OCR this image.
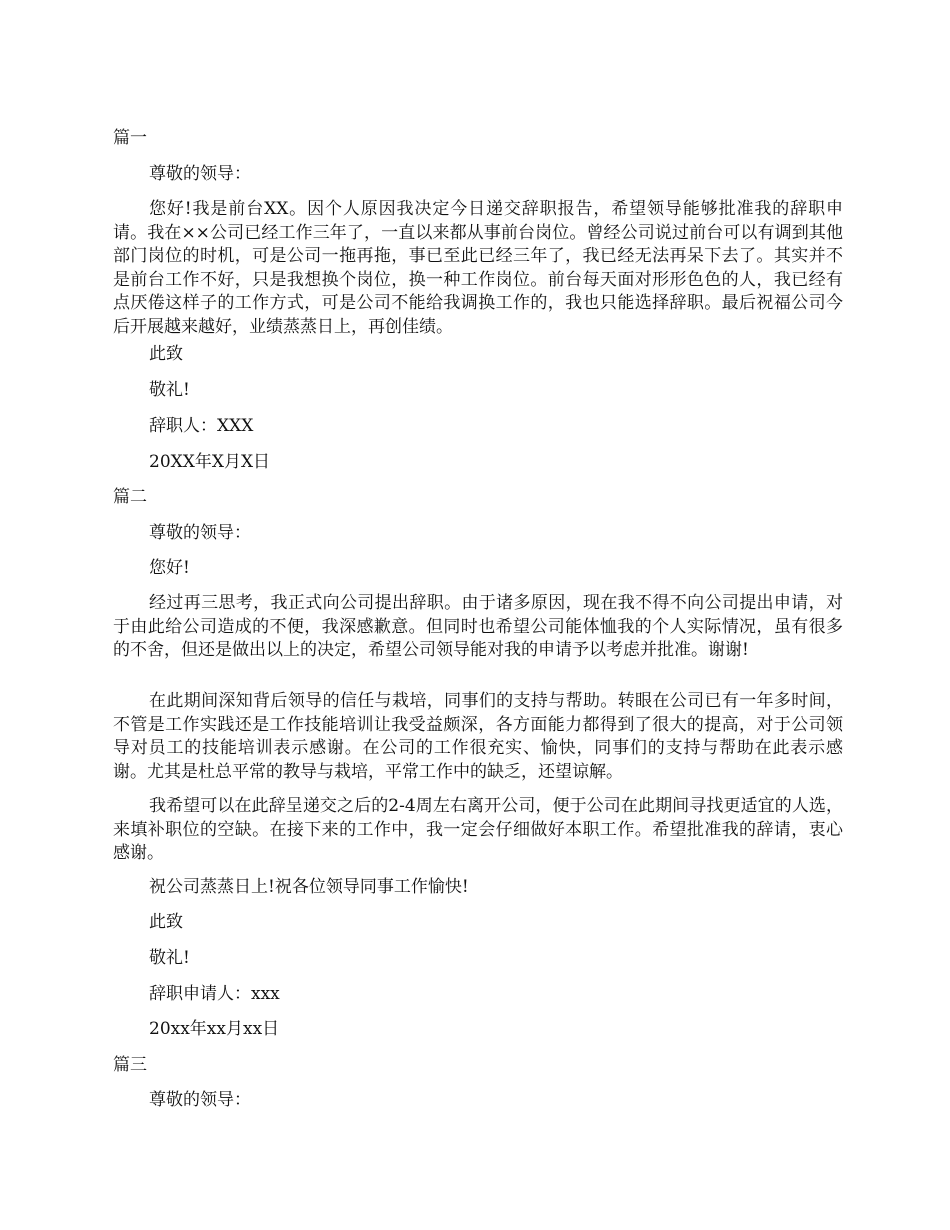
篇一
尊敬的领导：

您好!我是前台XX。因个人原因我决定今日递交辞职报告，希望领导能够批准我的辞职申请。我在××公司已经工作三年了，一直以来都从事前台岗位。曾经公司说过前台可以有调到其他部门岗位的时机，可是公司一拖再拖，事已至此已经三年了，我已经无法再呆下去了。其实并不是前台工作不好，只是我想换个岗位，换一种工作岗位。前台每天面对形形色色的人，我已经有点厌倦这样子的工作方式，可是公司不能给我调换工作的，我也只能选择辞职。最后祝福公司今后开展越来越好，业绩蒸蒸日上，再创佳绩。

此致
敬礼!
辞职人：XXX
20XX年X月X日
篇二
尊敬的领导：
您好!

经过再三思考，我正式向公司提出辞职。由于诸多原因，现在我不得不向公司提出申请，对于由此给公司造成的不便，我深感歉意。但同时也希望公司能体恤我的个人实际情况，虽有很多的不舍，但还是做出以上的决定，希望公司领导能对我的申请予以考虑并批准。谢谢!

在此期间深知背后领导的信任与栽培，同事们的支持与帮助。转眼在公司已有一年多时间，不管是工作实践还是工作技能培训让我受益颇深，各方面能力都得到了很大的提高，对于公司领导对员工的技能培训表示感谢。在公司的工作很充实、愉快，同事们的支持与帮助在此表示感谢。尤其是杜总平常的教导与栽培，平常工作中的缺乏，还望谅解。

我希望可以在此辞呈递交之后的2-4周左右离开公司，便于公司在此期间寻找更适宜的人选，来填补职位的空缺。在接下来的工作中，我一定会仔细做好本职工作。希望批准我的辞请，衷心感谢。

祝公司蒸蒸日上!祝各位领导同事工作愉快!
此致
敬礼!
辞职申请人：xxx
20xx年xx月xx日
篇三
尊敬的领导：
